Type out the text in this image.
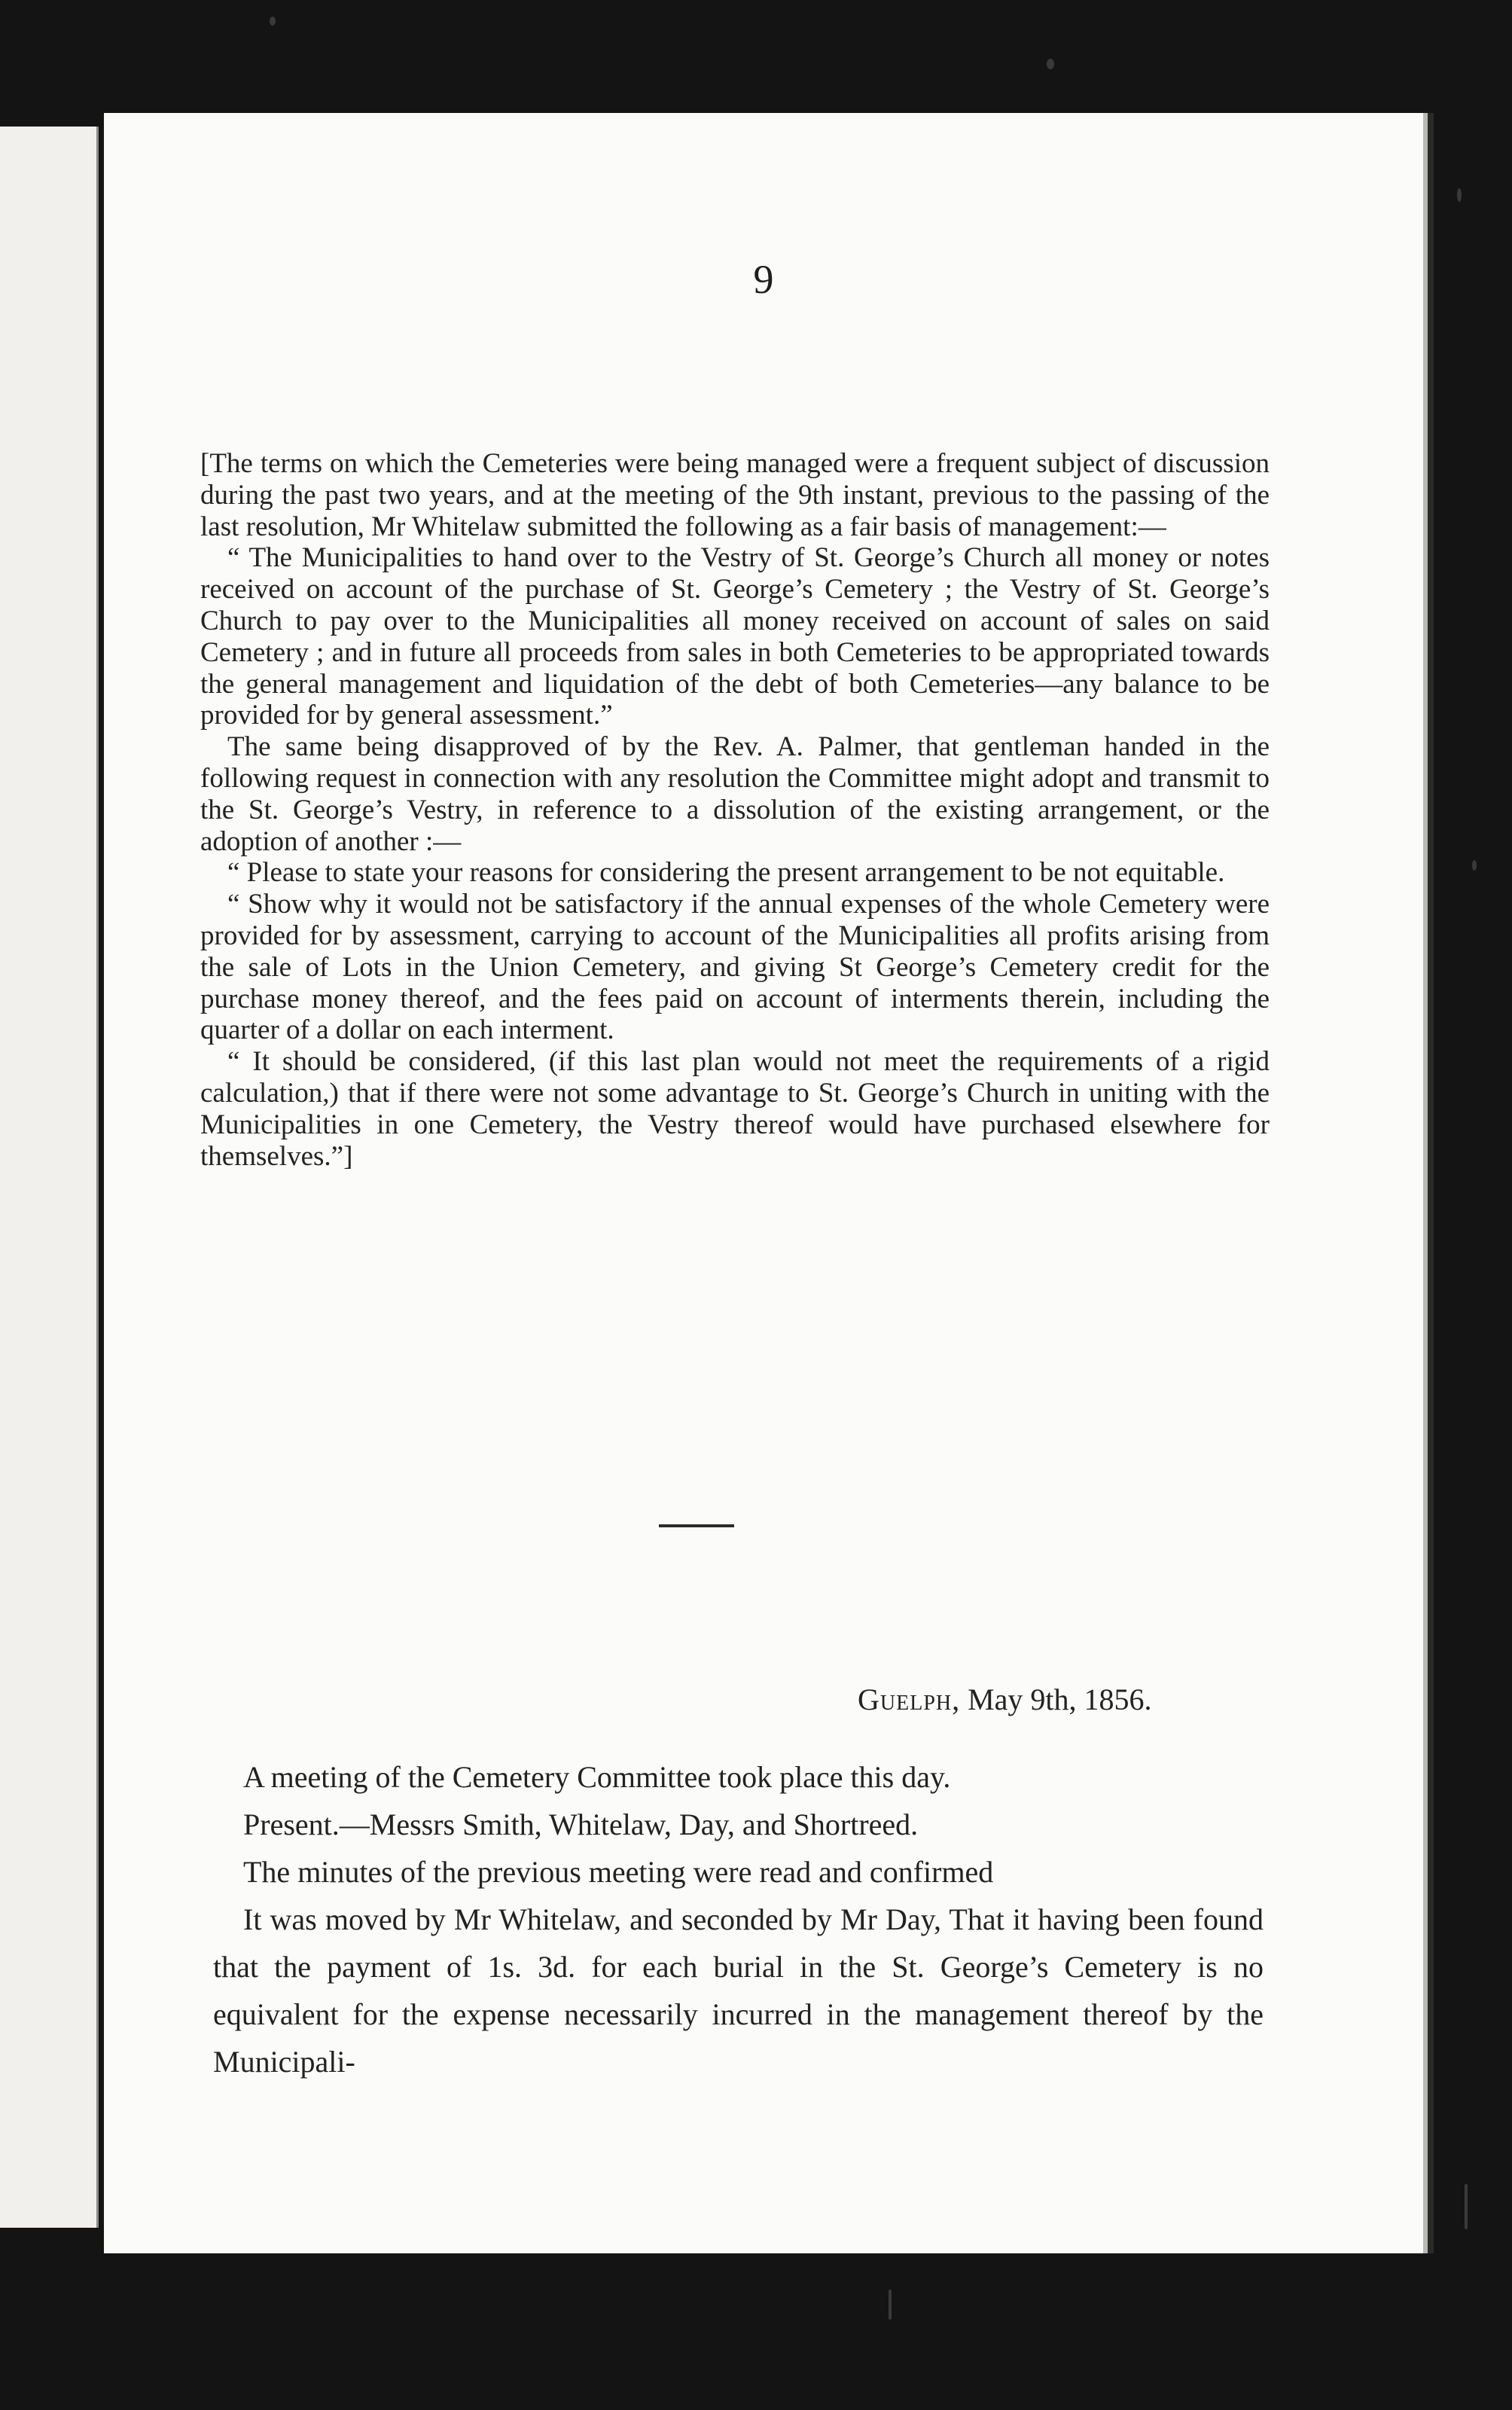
9

[The terms on which the Cemeteries were being managed were a frequent subject of discussion during the past two years, and at the meeting of the 9th instant, previous to the passing of the last resolution, Mr Whitelaw submitted the following as a fair basis of management:—

“ The Municipalities to hand over to the Vestry of St. George’s Church all money or notes received on account of the purchase of St. George’s Cemetery ; the Vestry of St. George’s Church to pay over to the Municipalities all money received on account of sales on said Cemetery ; and in future all proceeds from sales in both Cemeteries to be appropriated towards the general management and liquidation of the debt of both Cemeteries—any balance to be provided for by general assessment.”

The same being disapproved of by the Rev. A. Palmer, that gentleman handed in the following request in connection with any resolution the Committee might adopt and transmit to the St. George’s Vestry, in reference to a dissolution of the existing arrangement, or the adoption of another :—

“ Please to state your reasons for considering the present arrangement to be not equitable.

“ Show why it would not be satisfactory if the annual expenses of the whole Cemetery were provided for by assessment, carrying to account of the Municipalities all profits arising from the sale of Lots in the Union Cemetery, and giving St George’s Cemetery credit for the purchase money thereof, and the fees paid on account of interments therein, including the quarter of a dollar on each interment.

“ It should be considered, (if this last plan would not meet the requirements of a rigid calculation,) that if there were not some advantage to St. George’s Church in uniting with the Municipalities in one Cemetery, the Vestry thereof would have purchased elsewhere for themselves.”]

Guelph, May 9th, 1856.

A meeting of the Cemetery Committee took place this day.

Present.—Messrs Smith, Whitelaw, Day, and Shortreed.

The minutes of the previous meeting were read and confirmed

It was moved by Mr Whitelaw, and seconded by Mr Day, That it having been found that the payment of 1s. 3d. for each burial in the St. George’s Cemetery is no equivalent for the expense necessarily incurred in the management thereof by the Municipali-
